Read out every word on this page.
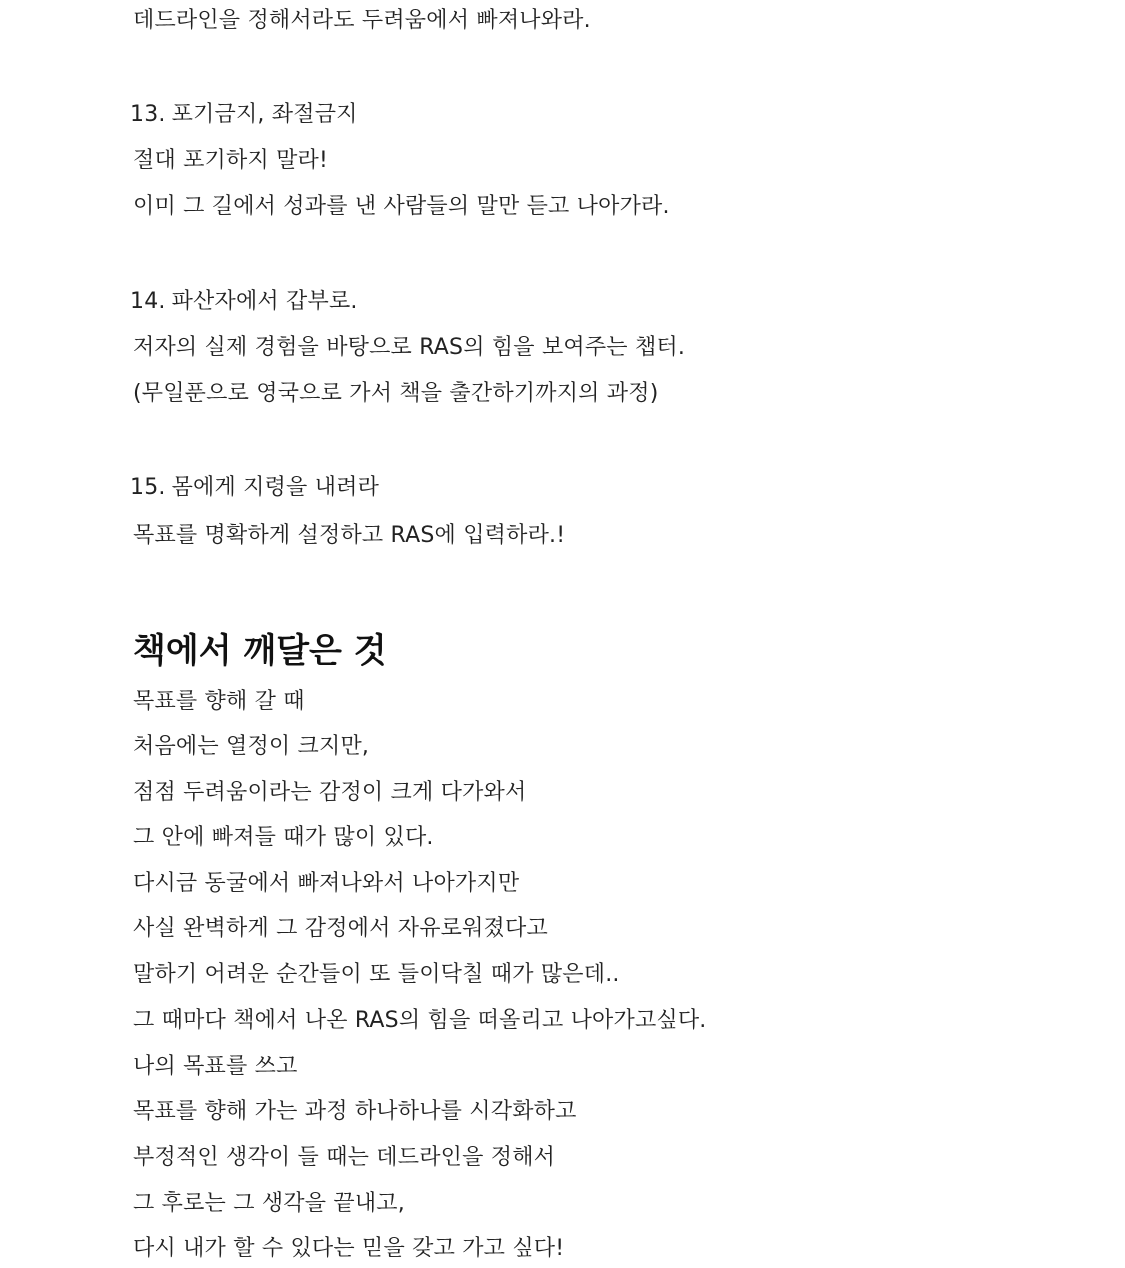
데드라인을 정해서라도 두려움에서 빠져나와라.
13. 포기금지, 좌절금지
절대 포기하지 말라!
이미 그 길에서 성과를 낸 사람들의 말만 듣고 나아가라.
14. 파산자에서 갑부로.
저자의 실제 경험을 바탕으로 RAS의 힘을 보여주는 챕터.
(무일푼으로 영국으로 가서 책을 출간하기까지의 과정)
15. 몸에게 지령을 내려라
목표를 명확하게 설정하고 RAS에 입력하라.!
책에서 깨달은 것
목표를 향해 갈 때
처음에는 열정이 크지만,
점점 두려움이라는 감정이 크게 다가와서
그 안에 빠져들 때가 많이 있다.
다시금 동굴에서 빠져나와서 나아가지만
사실 완벽하게 그 감정에서 자유로워졌다고
말하기 어려운 순간들이 또 들이닥칠 때가 많은데..
그 때마다 책에서 나온 RAS의 힘을 떠올리고 나아가고싶다.
나의 목표를 쓰고
목표를 향해 가는 과정 하나하나를 시각화하고
부정적인 생각이 들 때는 데드라인을 정해서
그 후로는 그 생각을 끝내고,
다시 내가 할 수 있다는 믿을 갖고 가고 싶다!
